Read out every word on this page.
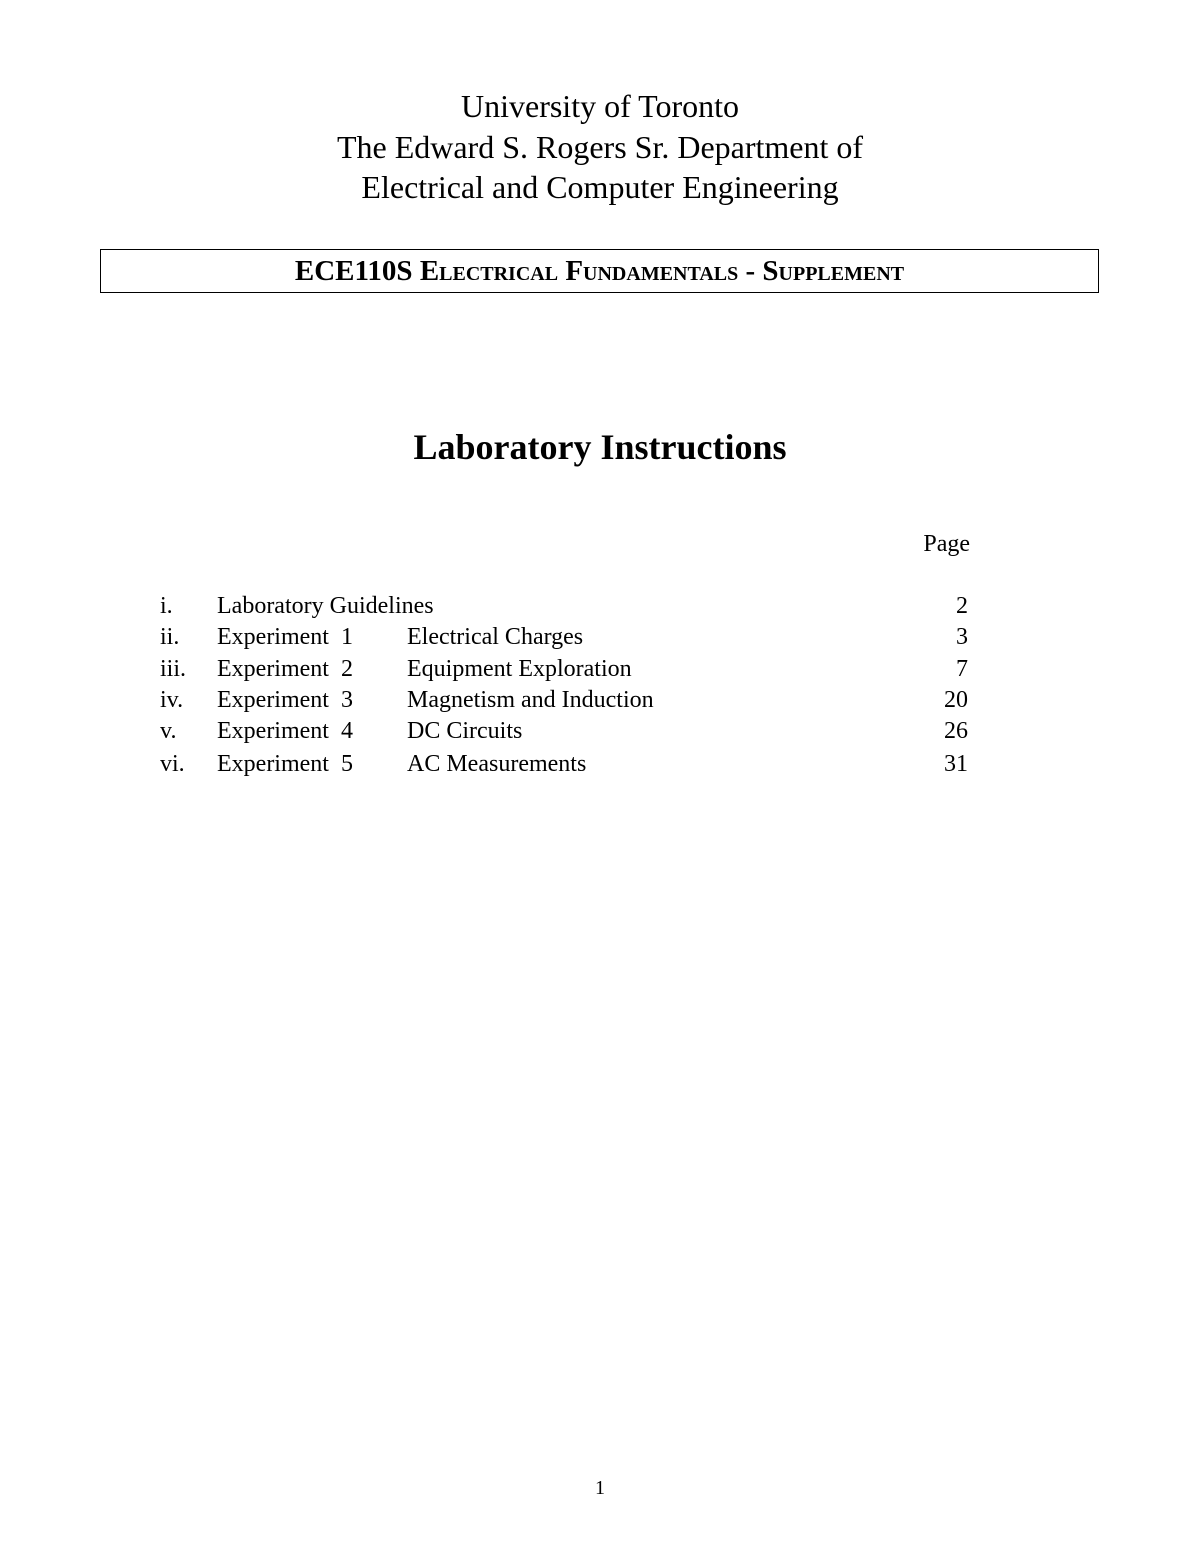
University of Toronto
The Edward S. Rogers Sr. Department of
Electrical and Computer Engineering
ECE110S Electrical Fundamentals - Supplement
Laboratory Instructions
Page
i. Laboratory Guidelines	2
ii. Experiment  1 Electrical Charges	3
iii. Experiment  2 Equipment Exploration	7
iv. Experiment  3 Magnetism and Induction	20
v. Experiment  4 DC Circuits	26
vi. Experiment  5 AC Measurements	31
1
